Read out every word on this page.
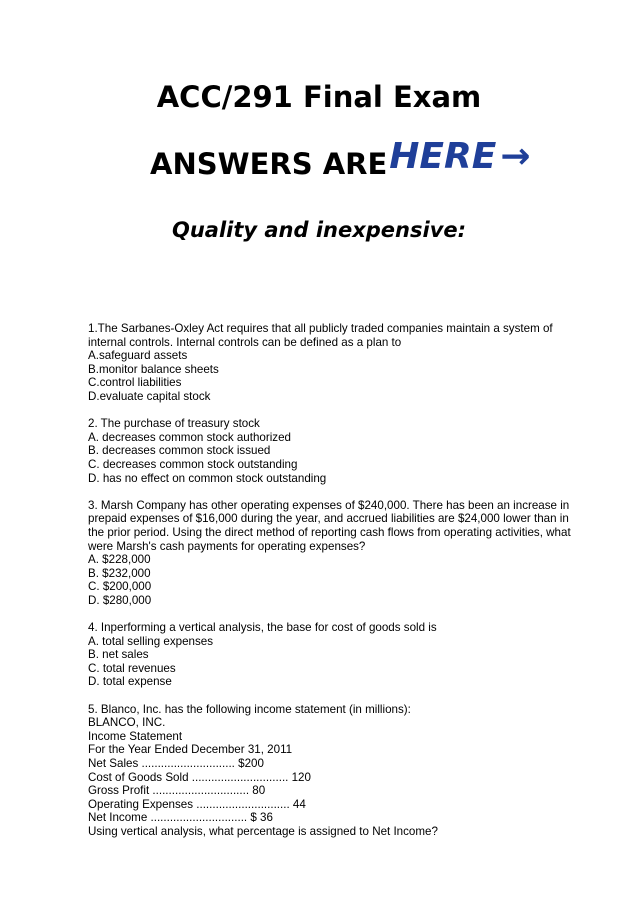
ACC/291 Final Exam
ANSWERS AREHERE →
Quality and inexpensive:
1.The Sarbanes-Oxley Act requires that all publicly traded companies maintain a system of
internal controls. Internal controls can be defined as a plan to
A.safeguard assets
B.monitor balance sheets
C.control liabilities
D.evaluate capital stock
2. The purchase of treasury stock
A. decreases common stock authorized
B. decreases common stock issued
C. decreases common stock outstanding
D. has no effect on common stock outstanding
3. Marsh Company has other operating expenses of $240,000. There has been an increase in
prepaid expenses of $16,000 during the year, and accrued liabilities are $24,000 lower than in
the prior period. Using the direct method of reporting cash flows from operating activities, what
were Marsh's cash payments for operating expenses?
A. $228,000
B. $232,000
C. $200,000
D. $280,000
4. Inperforming a vertical analysis, the base for cost of goods sold is
A. total selling expenses
B. net sales
C. total revenues
D. total expense
5. Blanco, Inc. has the following income statement (in millions):
BLANCO, INC.
Income Statement
For the Year Ended December 31, 2011
Net Sales ............................. $200
Cost of Goods Sold .............................. 120
Gross Profit .............................. 80
Operating Expenses ............................. 44
Net Income .............................. $ 36
Using vertical analysis, what percentage is assigned to Net Income?
